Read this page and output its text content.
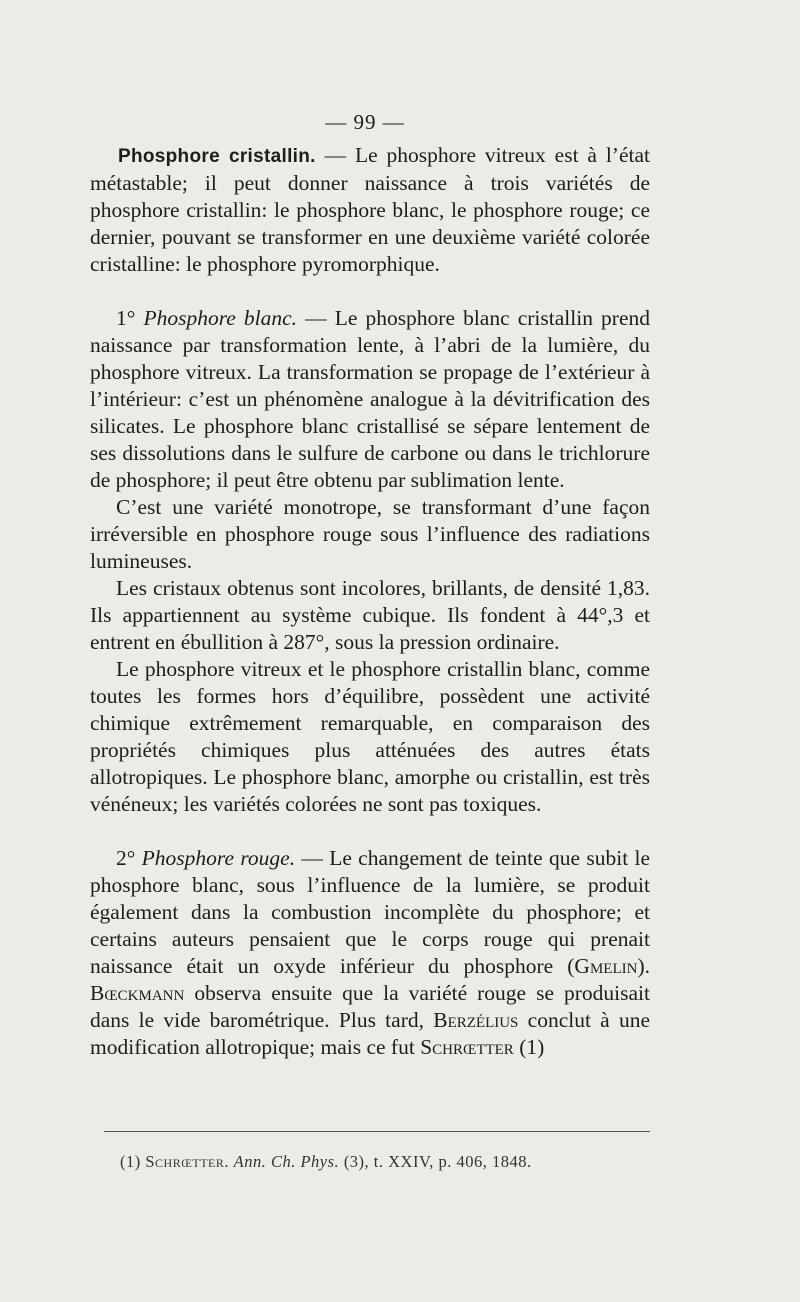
— 99 —

Phosphore cristallin. — Le phosphore vitreux est à l’état métastable; il peut donner naissance à trois variétés de phosphore cristallin: le phosphore blanc, le phosphore rouge; ce dernier, pouvant se transformer en une deuxième variété colorée cristalline: le phosphore pyromorphique.

1° Phosphore blanc. — Le phosphore blanc cristallin prend naissance par transformation lente, à l’abri de la lumière, du phosphore vitreux. La transformation se propage de l’extérieur à l’intérieur: c’est un phénomène analogue à la dévitrification des silicates. Le phosphore blanc cristallisé se sépare lentement de ses dissolutions dans le sulfure de carbone ou dans le trichlorure de phosphore; il peut être obtenu par sublimation lente.

C’est une variété monotrope, se transformant d’une façon irréversible en phosphore rouge sous l’influence des radiations lumineuses.

Les cristaux obtenus sont incolores, brillants, de densité 1,83. Ils appartiennent au système cubique. Ils fondent à 44°,3 et entrent en ébullition à 287°, sous la pression ordinaire.

Le phosphore vitreux et le phosphore cristallin blanc, comme toutes les formes hors d’équilibre, possèdent une activité chimique extrêmement remarquable, en comparaison des propriétés chimiques plus atténuées des autres états allotropiques. Le phosphore blanc, amorphe ou cristallin, est très vénéneux; les variétés colorées ne sont pas toxiques.

2° Phosphore rouge. — Le changement de teinte que subit le phosphore blanc, sous l’influence de la lumière, se produit également dans la combustion incomplète du phosphore; et certains auteurs pensaient que le corps rouge qui prenait naissance était un oxyde inférieur du phosphore (Gmelin). Bœckmann observa ensuite que la variété rouge se produisait dans le vide barométrique. Plus tard, Berzélius conclut à une modification allotropique; mais ce fut Schrœtter (1)

(1) Schrœtter. Ann. Ch. Phys. (3), t. XXIV, p. 406, 1848.
